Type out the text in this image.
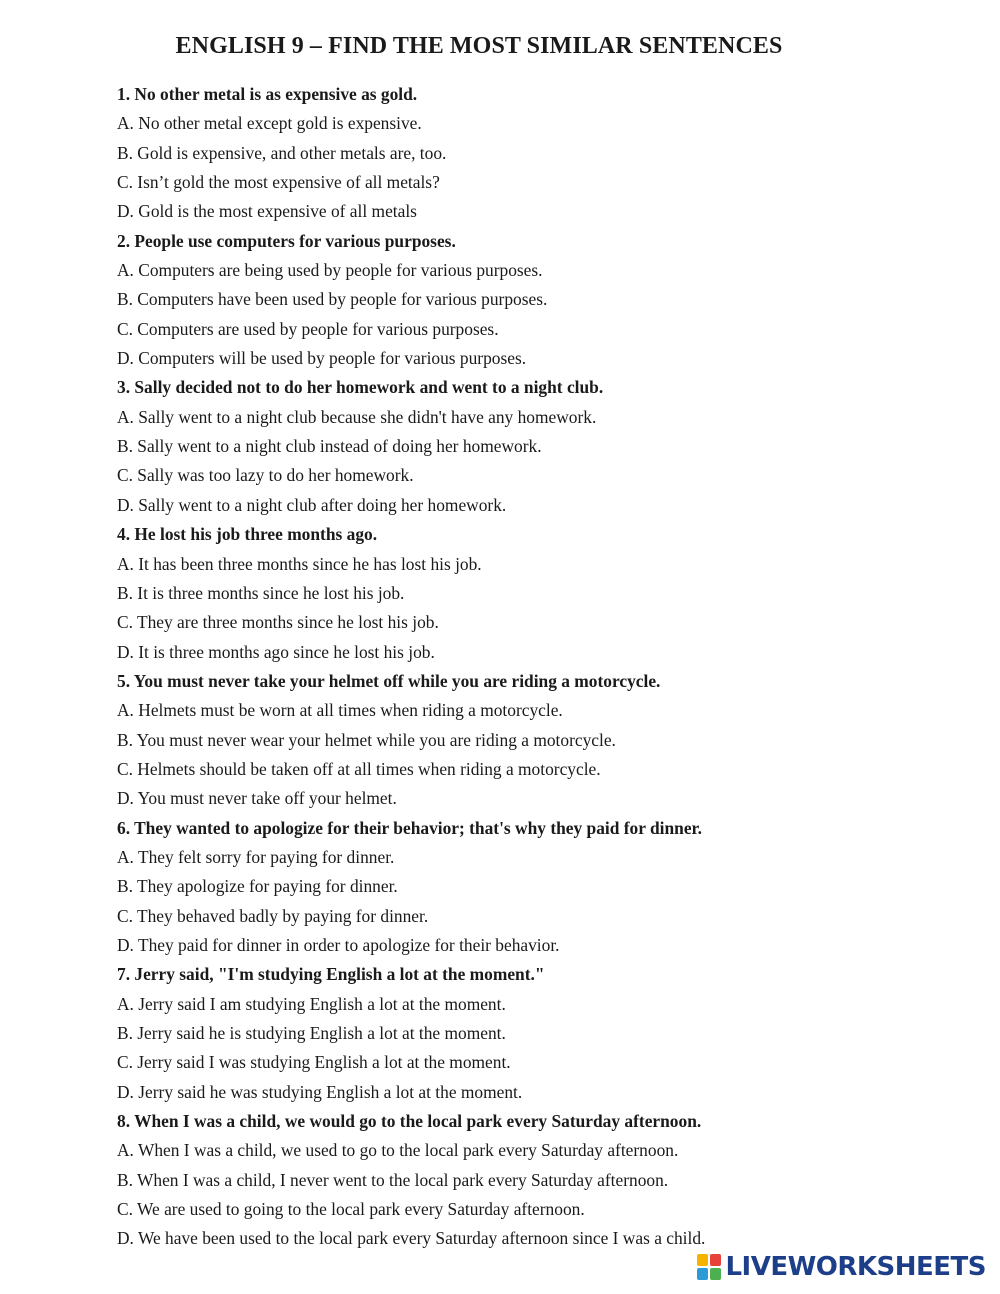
ENGLISH 9 – FIND THE MOST SIMILAR SENTENCES
1. No other metal is as expensive as gold.
A. No other metal except gold is expensive.
B. Gold is expensive, and other metals are, too.
C. Isn’t gold the most expensive of all metals?
D. Gold is the most expensive of all metals
2. People use computers for various purposes.
A. Computers are being used by people for various purposes.
B. Computers have been used by people for various purposes.
C. Computers are used by people for various purposes.
D. Computers will be used by people for various purposes.
3. Sally decided not to do her homework and went to a night club.
A. Sally went to a night club because she didn't have any homework.
B. Sally went to a night club instead of doing her homework.
C. Sally was too lazy to do her homework.
D. Sally went to a night club after doing her homework.
4. He lost his job three months ago.
A. It has been three months since he has lost his job.
B. It is three months since he lost his job.
C. They are three months since he lost his job.
D. It is three months ago since he lost his job.
5. You must never take your helmet off while you are riding a motorcycle.
A. Helmets must be worn at all times when riding a motorcycle.
B. You must never wear your helmet while you are riding a motorcycle.
C. Helmets should be taken off at all times when riding a motorcycle.
D. You must never take off your helmet.
6. They wanted to apologize for their behavior; that's why they paid for dinner.
A. They felt sorry for paying for dinner.
B. They apologize for paying for dinner.
C. They behaved badly by paying for dinner.
D. They paid for dinner in order to apologize for their behavior.
7. Jerry said, "I'm studying English a lot at the moment."
A. Jerry said I am studying English a lot at the moment.
B. Jerry said he is studying English a lot at the moment.
C. Jerry said I was studying English a lot at the moment.
D. Jerry said he was studying English a lot at the moment.
8. When I was a child, we would go to the local park every Saturday afternoon.
A. When I was a child, we used to go to the local park every Saturday afternoon.
B. When I was a child, I never went to the local park every Saturday afternoon.
C. We are used to going to the local park every Saturday afternoon.
D. We have been used to the local park every Saturday afternoon since I was a child.
LIVEWORKSHEETS
